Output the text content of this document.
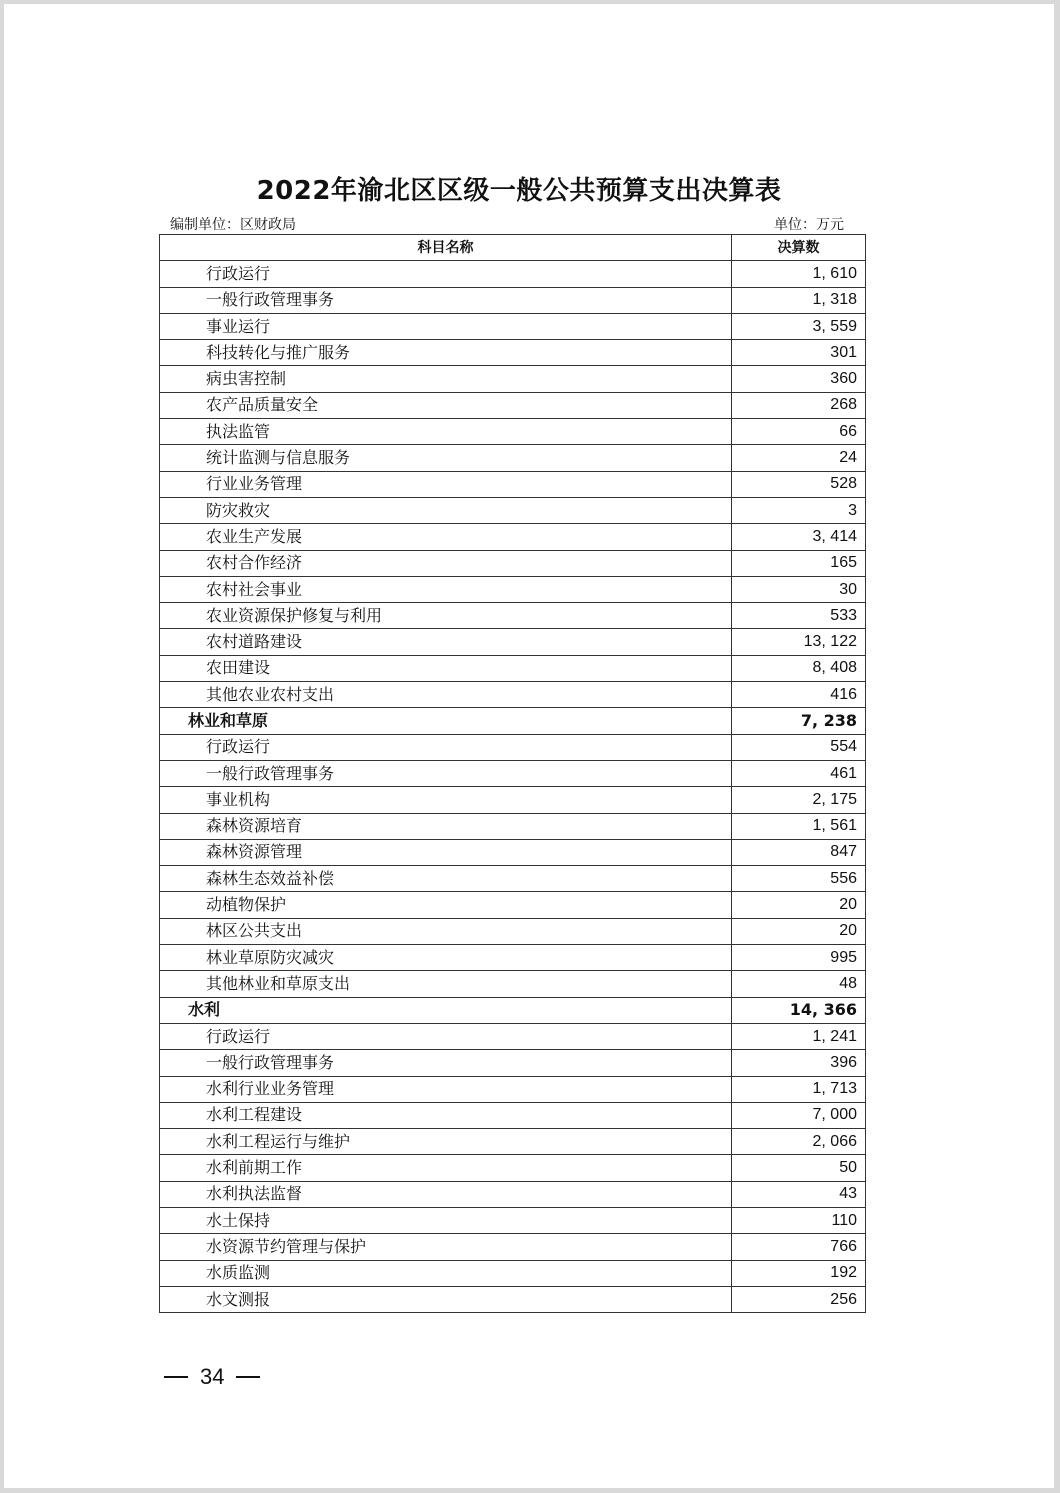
2022年渝北区区级一般公共预算支出决算表
编制单位：区财政局	单位：万元
科目名称	决算数
行政运行	1, 610
一般行政管理事务	1, 318
事业运行	3, 559
科技转化与推广服务	301
病虫害控制	360
农产品质量安全	268
执法监管	66
统计监测与信息服务	24
行业业务管理	528
防灾救灾	3
农业生产发展	3, 414
农村合作经济	165
农村社会事业	30
农业资源保护修复与利用	533
农村道路建设	13, 122
农田建设	8, 408
其他农业农村支出	416
林业和草原	7, 238
行政运行	554
一般行政管理事务	461
事业机构	2, 175
森林资源培育	1, 561
森林资源管理	847
森林生态效益补偿	556
动植物保护	20
林区公共支出	20
林业草原防灾减灾	995
其他林业和草原支出	48
水利	14, 366
行政运行	1, 241
一般行政管理事务	396
水利行业业务管理	1, 713
水利工程建设	7, 000
水利工程运行与维护	2, 066
水利前期工作	50
水利执法监督	43
水土保持	110
水资源节约管理与保护	766
水质监测	192
水文测报	256
34
